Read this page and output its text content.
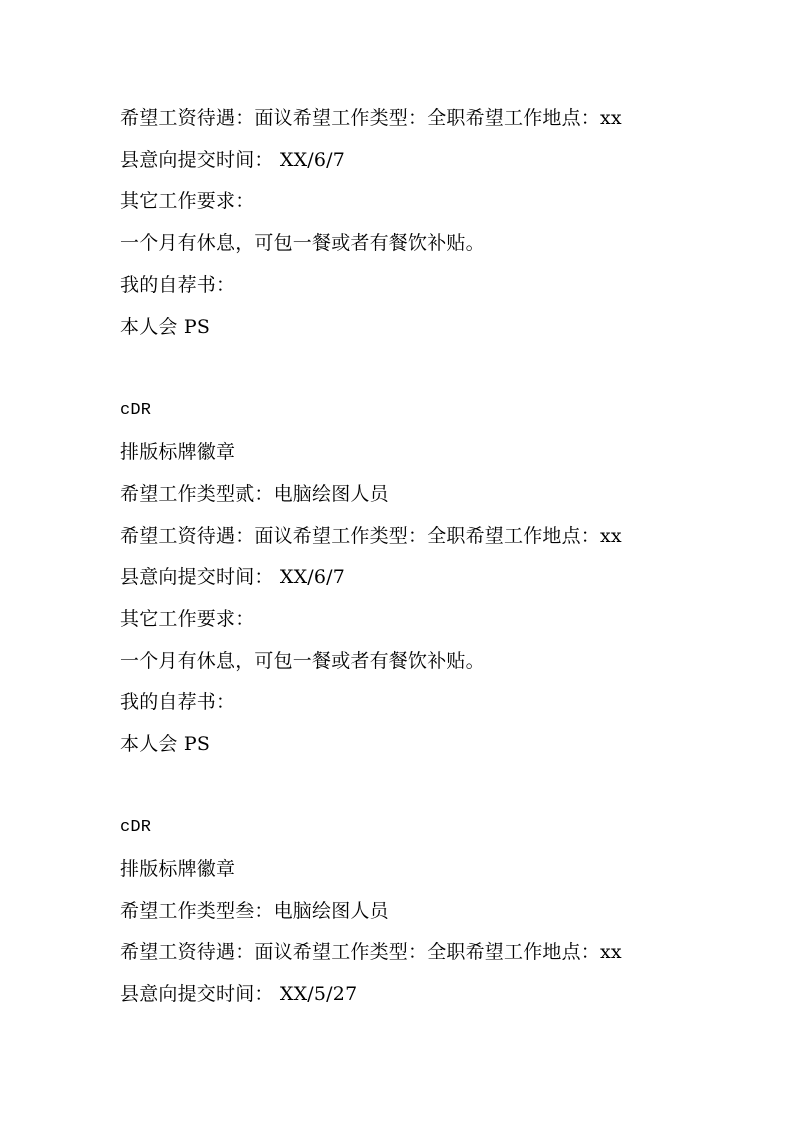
希望工资待遇：面议希望工作类型：全职希望工作地点：xx
县意向提交时间： XX/6/7
其它工作要求：
一个月有休息，可包一餐或者有餐饮补贴。
我的自荐书：
本人会 PS
cDR
排版标牌徽章
希望工作类型贰：电脑绘图人员
希望工资待遇：面议希望工作类型：全职希望工作地点：xx
县意向提交时间： XX/6/7
其它工作要求：
一个月有休息，可包一餐或者有餐饮补贴。
我的自荐书：
本人会 PS
cDR
排版标牌徽章
希望工作类型叁：电脑绘图人员
希望工资待遇：面议希望工作类型：全职希望工作地点：xx
县意向提交时间： XX/5/27
